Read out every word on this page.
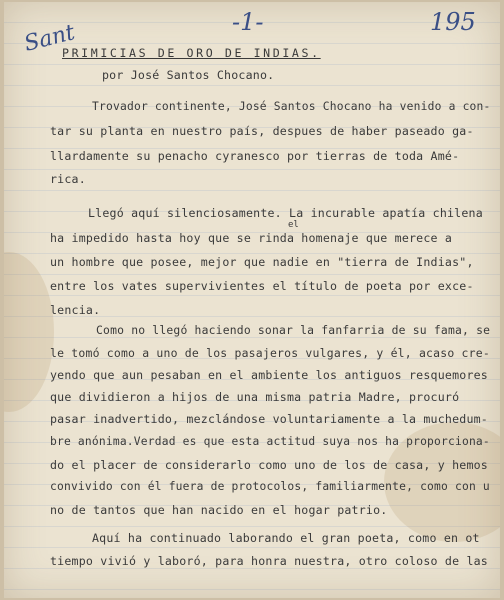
Sant	-1-	195

PRIMICIAS DE ORO DE INDIAS.

por José Santos Chocano.

Trovador continente, José Santos Chocano ha venido a con-

tar su planta en nuestro país, despues de haber paseado ga-

llardamente su penacho cyranesco por tierras de toda Amé-

rica.

Llegó aquí silenciosamente. La incurable apatía chilena

el

ha impedido hasta hoy que se rinda homenaje que merece a

un hombre que posee, mejor que nadie en "tierra de Indias",

entre los vates supervivientes el título de poeta por exce-

lencia.

Como no llegó haciendo sonar la fanfarria de su fama, se

le tomó como a uno de los pasajeros vulgares, y él, acaso cre-

yendo que aun pesaban en el ambiente los antiguos resquemores

que dividieron a hijos de una misma patria Madre, procuró

pasar inadvertido, mezclándose voluntariamente a la muchedum-

bre anónima.Verdad es que esta actitud suya nos ha proporciona-

do el placer de considerarlo como uno de los de casa, y hemos

convivido con él fuera de protocolos, familiarmente, como con u

no de tantos que han nacido en el hogar patrio.

Aquí ha continuado laborando el gran poeta, como en ot

tiempo vivió y laboró, para honra nuestra, otro coloso de las
